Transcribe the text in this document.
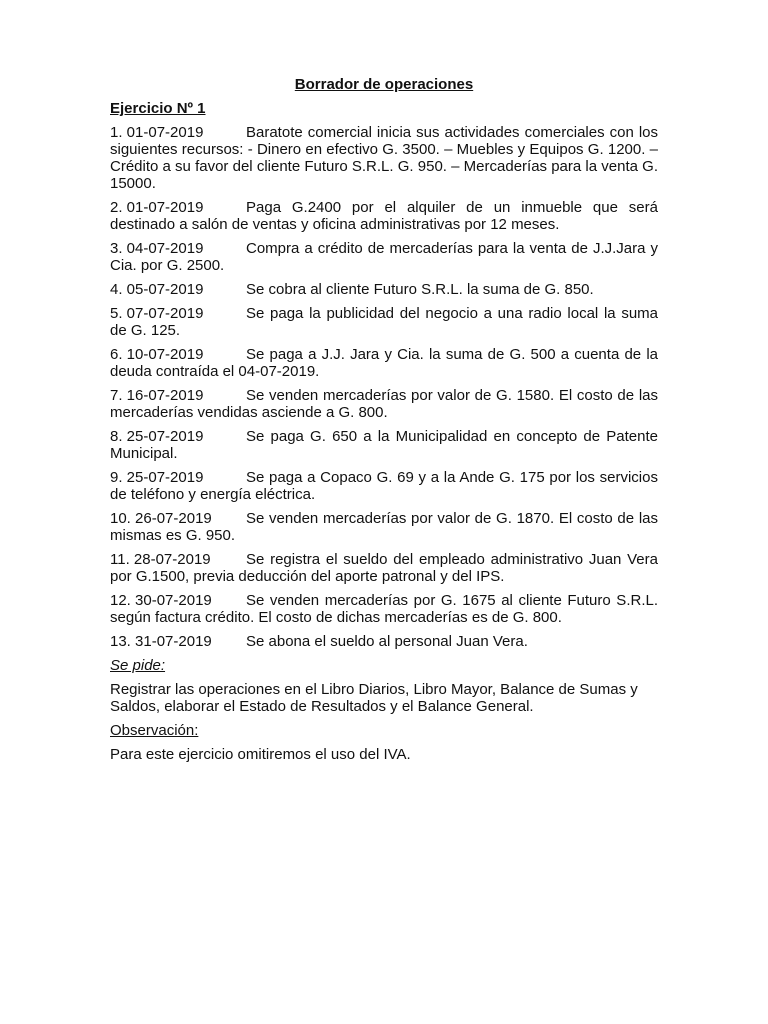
Borrador de operaciones
Ejercicio Nº 1
1. 01-07-2019	Baratote comercial inicia sus actividades comerciales con los siguientes recursos: - Dinero en efectivo G. 3500. – Muebles y Equipos G. 1200. – Crédito a su favor del cliente Futuro S.R.L. G. 950. – Mercaderías para la venta G. 15000.
2. 01-07-2019	Paga G.2400 por el alquiler de un inmueble que será destinado a salón de ventas y oficina administrativas por 12 meses.
3. 04-07-2019	Compra a crédito de mercaderías para la venta de J.J.Jara y Cia. por G. 2500.
4. 05-07-2019	Se cobra al cliente Futuro S.R.L. la suma de G. 850.
5. 07-07-2019	Se paga la publicidad del negocio a una radio local la suma de G. 125.
6. 10-07-2019	Se paga a J.J. Jara y Cia. la suma de G. 500 a cuenta de la deuda contraída el 04-07-2019.
7. 16-07-2019	Se venden mercaderías por valor de G. 1580. El costo de las mercaderías vendidas asciende a G. 800.
8. 25-07-2019	Se paga G. 650 a la Municipalidad en concepto de Patente Municipal.
9. 25-07-2019	Se paga a Copaco G. 69 y a la Ande G. 175 por los servicios de teléfono y energía eléctrica.
10. 26-07-2019 Se venden mercaderías por valor de G. 1870. El costo de las mismas es G. 950.
11. 28-07-2019 Se registra el sueldo del empleado administrativo Juan Vera por G.1500, previa deducción del aporte patronal y del IPS.
12. 30-07-2019 Se venden mercaderías por G. 1675 al cliente Futuro S.R.L. según factura crédito. El costo de dichas mercaderías es de G. 800.
13. 31-07-2019 Se abona el sueldo al personal Juan Vera.
Se pide:
Registrar las operaciones en el Libro Diarios, Libro Mayor, Balance de Sumas y Saldos, elaborar el Estado de Resultados y el Balance General.
Observación:
Para este ejercicio omitiremos el uso del IVA.
